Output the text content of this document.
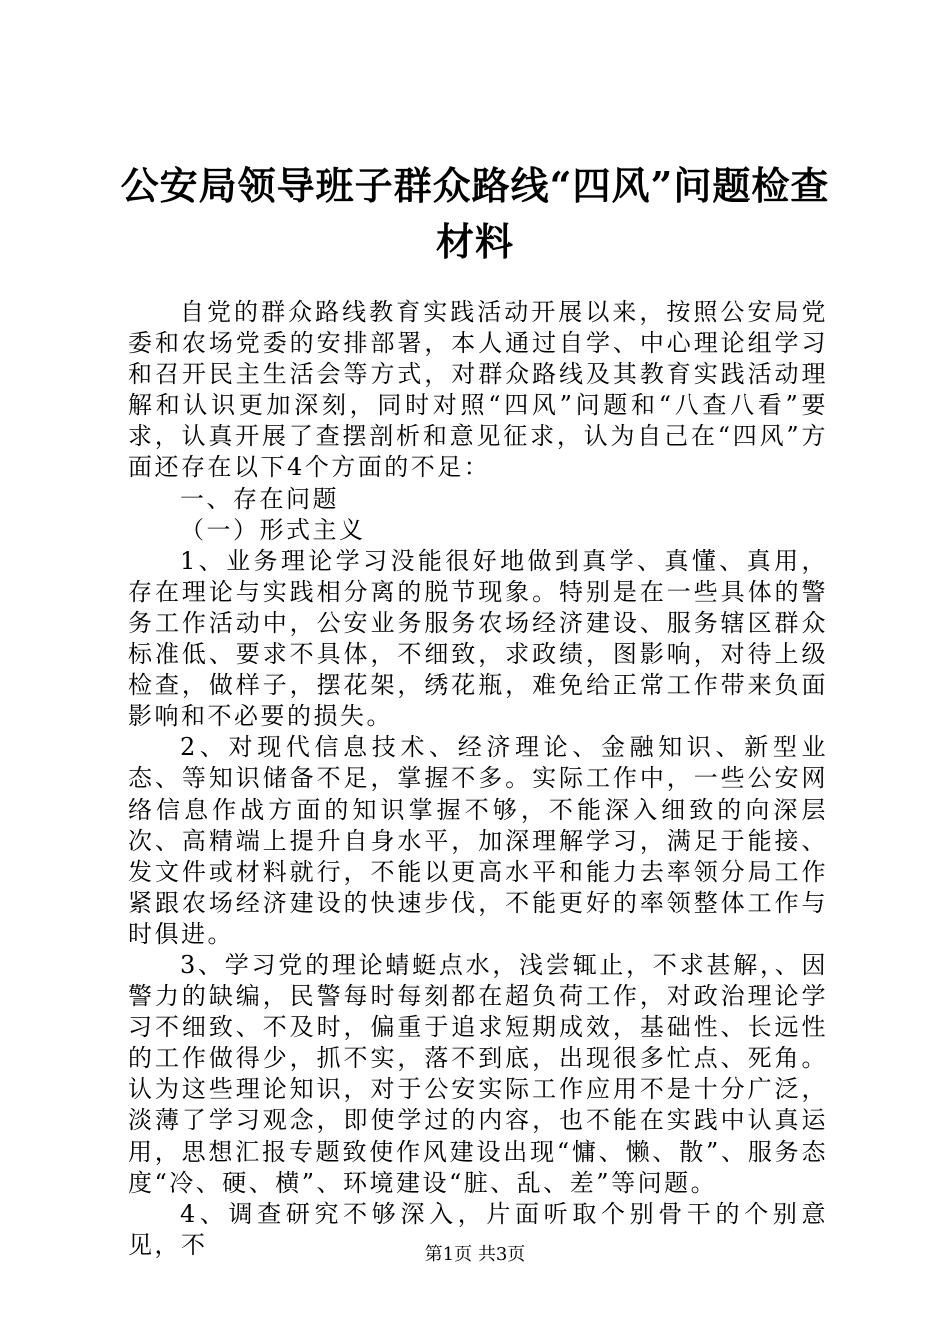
公安局领导班子群众路线“四风”问题检查材料

自党的群众路线教育实践活动开展以来，按照公安局党委和农场党委的安排部署，本人通过自学、中心理论组学习和召开民主生活会等方式，对群众路线及其教育实践活动理解和认识更加深刻，同时对照“四风”问题和“八查八看”要求，认真开展了查摆剖析和意见征求，认为自己在“四风”方面还存在以下4个方面的不足：

一、存在问题

（一）形式主义

1、业务理论学习没能很好地做到真学、真懂、真用，存在理论与实践相分离的脱节现象。特别是在一些具体的警务工作活动中，公安业务服务农场经济建设、服务辖区群众标准低、要求不具体，不细致，求政绩，图影响，对待上级检查，做样子，摆花架，绣花瓶，难免给正常工作带来负面影响和不必要的损失。

2、对现代信息技术、经济理论、金融知识、新型业态、等知识储备不足，掌握不多。实际工作中，一些公安网络信息作战方面的知识掌握不够，不能深入细致的向深层次、高精端上提升自身水平，加深理解学习，满足于能接、发文件或材料就行，不能以更高水平和能力去率领分局工作紧跟农场经济建设的快速步伐，不能更好的率领整体工作与时俱进。

3、学习党的理论蜻蜓点水，浅尝辄止，不求甚解，、因警力的缺编，民警每时每刻都在超负荷工作，对政治理论学习不细致、不及时，偏重于追求短期成效，基础性、长远性的工作做得少，抓不实，落不到底，出现很多忙点、死角。认为这些理论知识，对于公安实际工作应用不是十分广泛，淡薄了学习观念，即使学过的内容，也不能在实践中认真运用，思想汇报专题致使作风建设出现“慵、懒、散”、服务态度“冷、硬、横”、环境建设“脏、乱、差”等问题。

4、调查研究不够深入，片面听取个别骨干的个别意见，不	第1页 共3页
